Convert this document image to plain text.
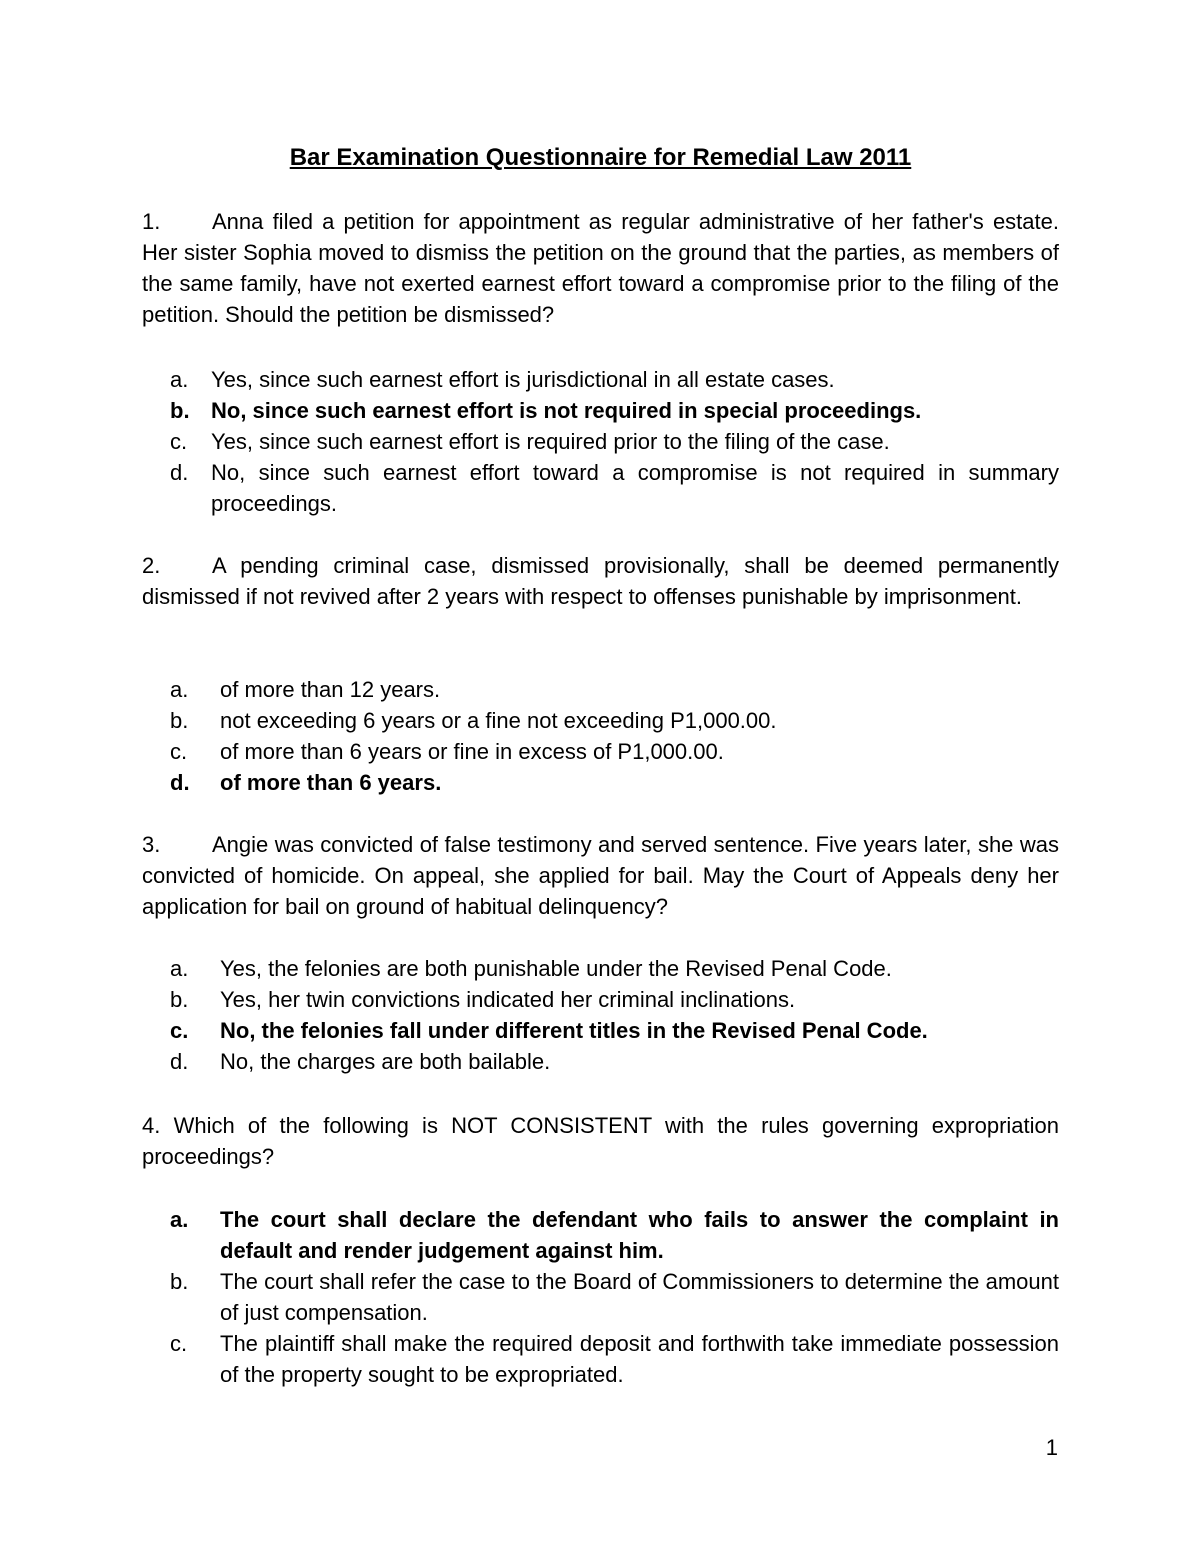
Bar Examination Questionnaire for Remedial Law 2011
1. Anna filed a petition for appointment as regular administrative of her father's estate. Her sister Sophia moved to dismiss the petition on the ground that the parties, as members of the same family, have not exerted earnest effort toward a compromise prior to the filing of the petition. Should the petition be dismissed?
a. Yes, since such earnest effort is jurisdictional in all estate cases.
b. No, since such earnest effort is not required in special proceedings.
c. Yes, since such earnest effort is required prior to the filing of the case.
d. No, since such earnest effort toward a compromise is not required in summary proceedings.
2. A pending criminal case, dismissed provisionally, shall be deemed permanently dismissed if not revived after 2 years with respect to offenses punishable by imprisonment.
a. of more than 12 years.
b. not exceeding 6 years or a fine not exceeding P1,000.00.
c. of more than 6 years or fine in excess of P1,000.00.
d. of more than 6 years.
3. Angie was convicted of false testimony and served sentence. Five years later, she was convicted of homicide. On appeal, she applied for bail. May the Court of Appeals deny her application for bail on ground of habitual delinquency?
a. Yes, the felonies are both punishable under the Revised Penal Code.
b. Yes, her twin convictions indicated her criminal inclinations.
c. No, the felonies fall under different titles in the Revised Penal Code.
d. No, the charges are both bailable.
4. Which of the following is NOT CONSISTENT with the rules governing expropriation proceedings?
a. The court shall declare the defendant who fails to answer the complaint in default and render judgement against him.
b. The court shall refer the case to the Board of Commissioners to determine the amount of just compensation.
c. The plaintiff shall make the required deposit and forthwith take immediate possession of the property sought to be expropriated.
1
